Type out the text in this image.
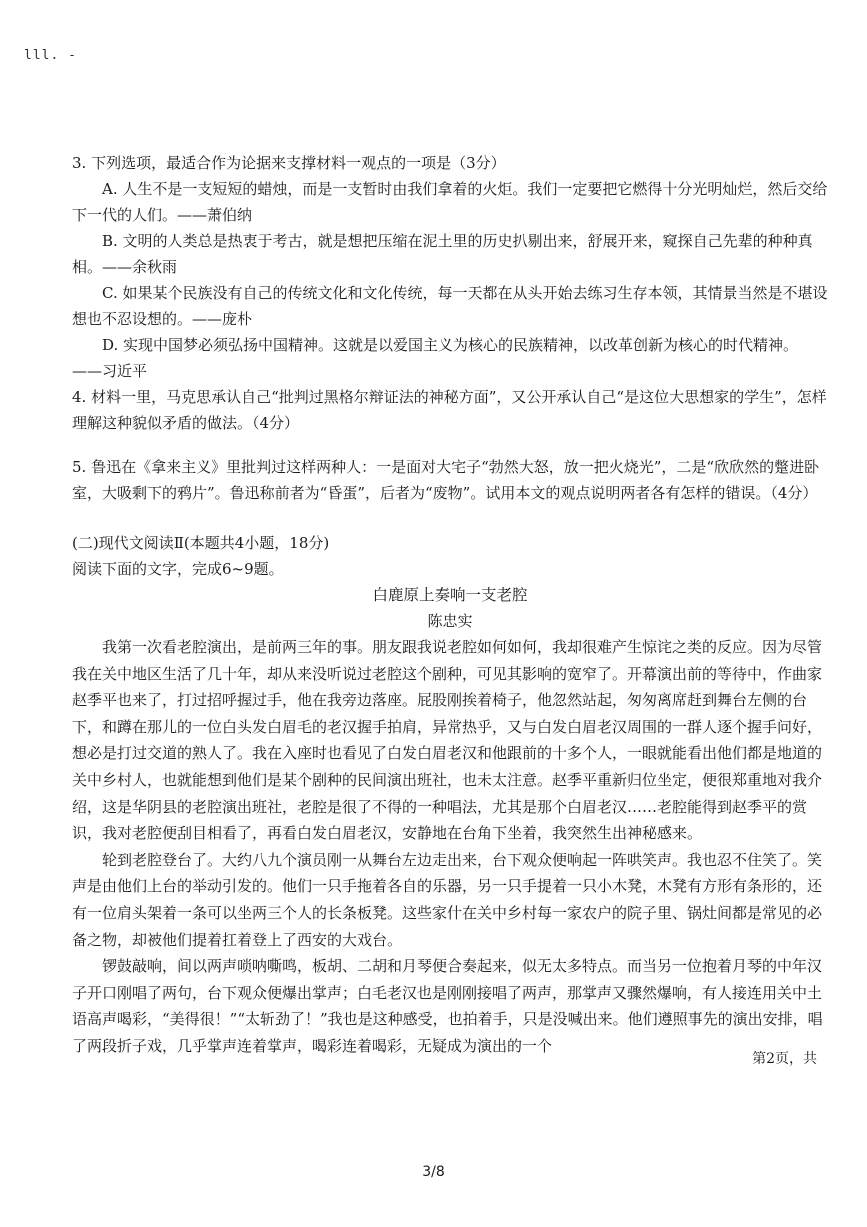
lll. -

3. 下列选项，最适合作为论据来支撑材料一观点的一项是（3分）

A. 人生不是一支短短的蜡烛，而是一支暂时由我们拿着的火炬。我们一定要把它燃得十分光明灿烂，然后交给下一代的人们。——萧伯纳

B. 文明的人类总是热衷于考古，就是想把压缩在泥土里的历史扒剔出来，舒展开来，窥探自己先辈的种种真相。——余秋雨

C. 如果某个民族没有自己的传统文化和文化传统，每一天都在从头开始去练习生存本领，其情景当然是不堪设想也不忍设想的。——庞朴

D. 实现中国梦必须弘扬中国精神。这就是以爱国主义为核心的民族精神，以改革创新为核心的时代精神。——习近平

4. 材料一里，马克思承认自己“批判过黑格尔辩证法的神秘方面”，又公开承认自己“是这位大思想家的学生”，怎样理解这种貌似矛盾的做法。（4分）

5. 鲁迅在《拿来主义》里批判过这样两种人：一是面对大宅子“勃然大怒，放一把火烧光”，二是“欣欣然的蹩进卧室，大吸剩下的鸦片”。鲁迅称前者为“昏蛋”，后者为“废物”。试用本文的观点说明两者各有怎样的错误。（4分）

(二)现代文阅读Ⅱ(本题共4小题，18分)

阅读下面的文字，完成6~9题。

白鹿原上奏响一支老腔

陈忠实

我第一次看老腔演出，是前两三年的事。朋友跟我说老腔如何如何，我却很难产生惊诧之类的反应。因为尽管我在关中地区生活了几十年，却从来没听说过老腔这个剧种，可见其影响的宽窄了。开幕演出前的等待中，作曲家赵季平也来了，打过招呼握过手，他在我旁边落座。屁股刚挨着椅子，他忽然站起，匆匆离席赶到舞台左侧的台下，和蹲在那儿的一位白头发白眉毛的老汉握手拍肩，异常热乎，又与白发白眉老汉周围的一群人逐个握手问好，想必是打过交道的熟人了。我在入座时也看见了白发白眉老汉和他跟前的十多个人，一眼就能看出他们都是地道的关中乡村人，也就能想到他们是某个剧种的民间演出班社，也未太注意。赵季平重新归位坐定，便很郑重地对我介绍，这是华阴县的老腔演出班社，老腔是很了不得的一种唱法，尤其是那个白眉老汉……老腔能得到赵季平的赏识，我对老腔便刮目相看了，再看白发白眉老汉，安静地在台角下坐着，我突然生出神秘感来。

轮到老腔登台了。大约八九个演员刚一从舞台左边走出来，台下观众便响起一阵哄笑声。我也忍不住笑了。笑声是由他们上台的举动引发的。他们一只手拖着各自的乐器，另一只手提着一只小木凳，木凳有方形有条形的，还有一位肩头架着一条可以坐两三个人的长条板凳。这些家什在关中乡村每一家农户的院子里、锅灶间都是常见的必备之物，却被他们提着扛着登上了西安的大戏台。

锣鼓敲响，间以两声唢呐嘶鸣，板胡、二胡和月琴便合奏起来，似无太多特点。而当另一位抱着月琴的中年汉子开口刚唱了两句，台下观众便爆出掌声；白毛老汉也是刚刚接唱了两声，那掌声又骤然爆响，有人接连用关中土语高声喝彩，“美得很！”“太斩劲了！”我也是这种感受，也拍着手，只是没喊出来。他们遵照事先的演出安排，唱了两段折子戏，几乎掌声连着掌声，喝彩连着喝彩，无疑成为演出的一个

第2页，共
3/8
